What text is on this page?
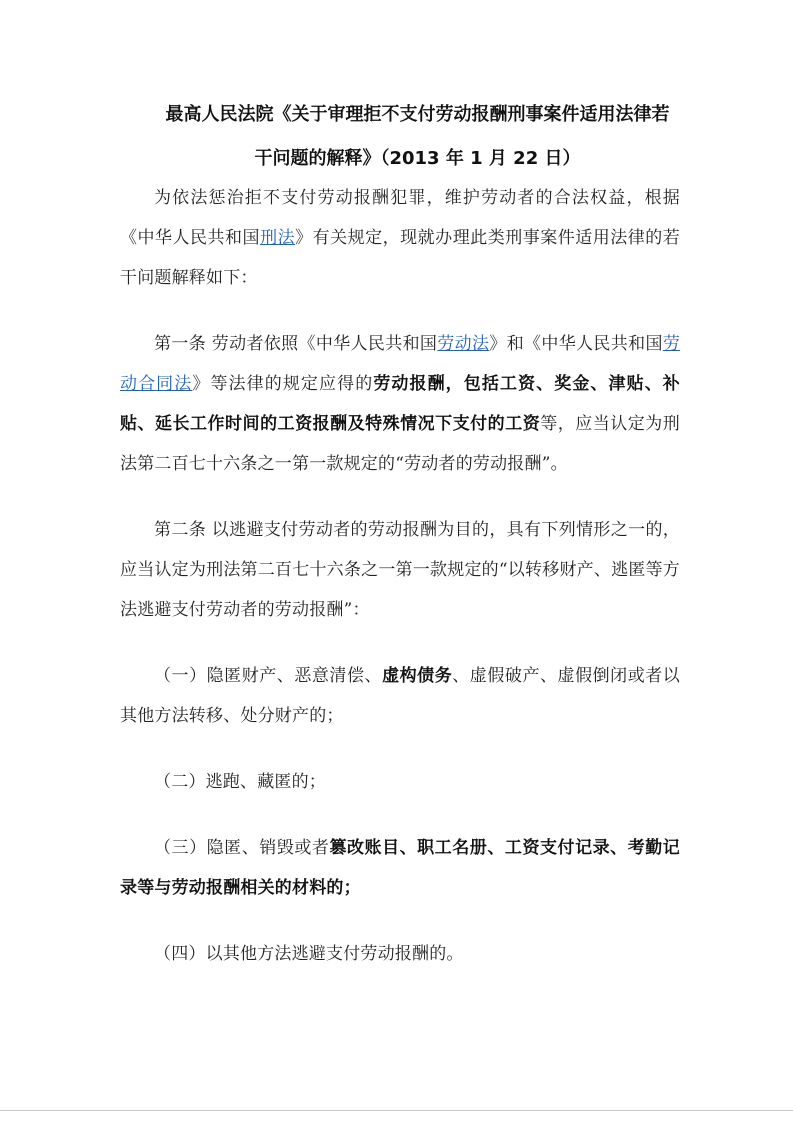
最高人民法院《关于审理拒不支付劳动报酬刑事案件适用法律若
干问题的解释》（2013 年 1 月 22 日）

为依法惩治拒不支付劳动报酬犯罪，维护劳动者的合法权益，根据《中华人民共和国刑法》有关规定，现就办理此类刑事案件适用法律的若干问题解释如下：

第一条 劳动者依照《中华人民共和国劳动法》和《中华人民共和国劳动合同法》等法律的规定应得的劳动报酬，包括工资、奖金、津贴、补贴、延长工作时间的工资报酬及特殊情况下支付的工资等，应当认定为刑法第二百七十六条之一第一款规定的“劳动者的劳动报酬”。

第二条 以逃避支付劳动者的劳动报酬为目的，具有下列情形之一的，应当认定为刑法第二百七十六条之一第一款规定的“以转移财产、逃匿等方法逃避支付劳动者的劳动报酬”：

（一）隐匿财产、恶意清偿、虚构债务、虚假破产、虚假倒闭或者以其他方法转移、处分财产的；

（二）逃跑、藏匿的；

（三）隐匿、销毁或者篡改账目、职工名册、工资支付记录、考勤记录等与劳动报酬相关的材料的；

（四）以其他方法逃避支付劳动报酬的。
